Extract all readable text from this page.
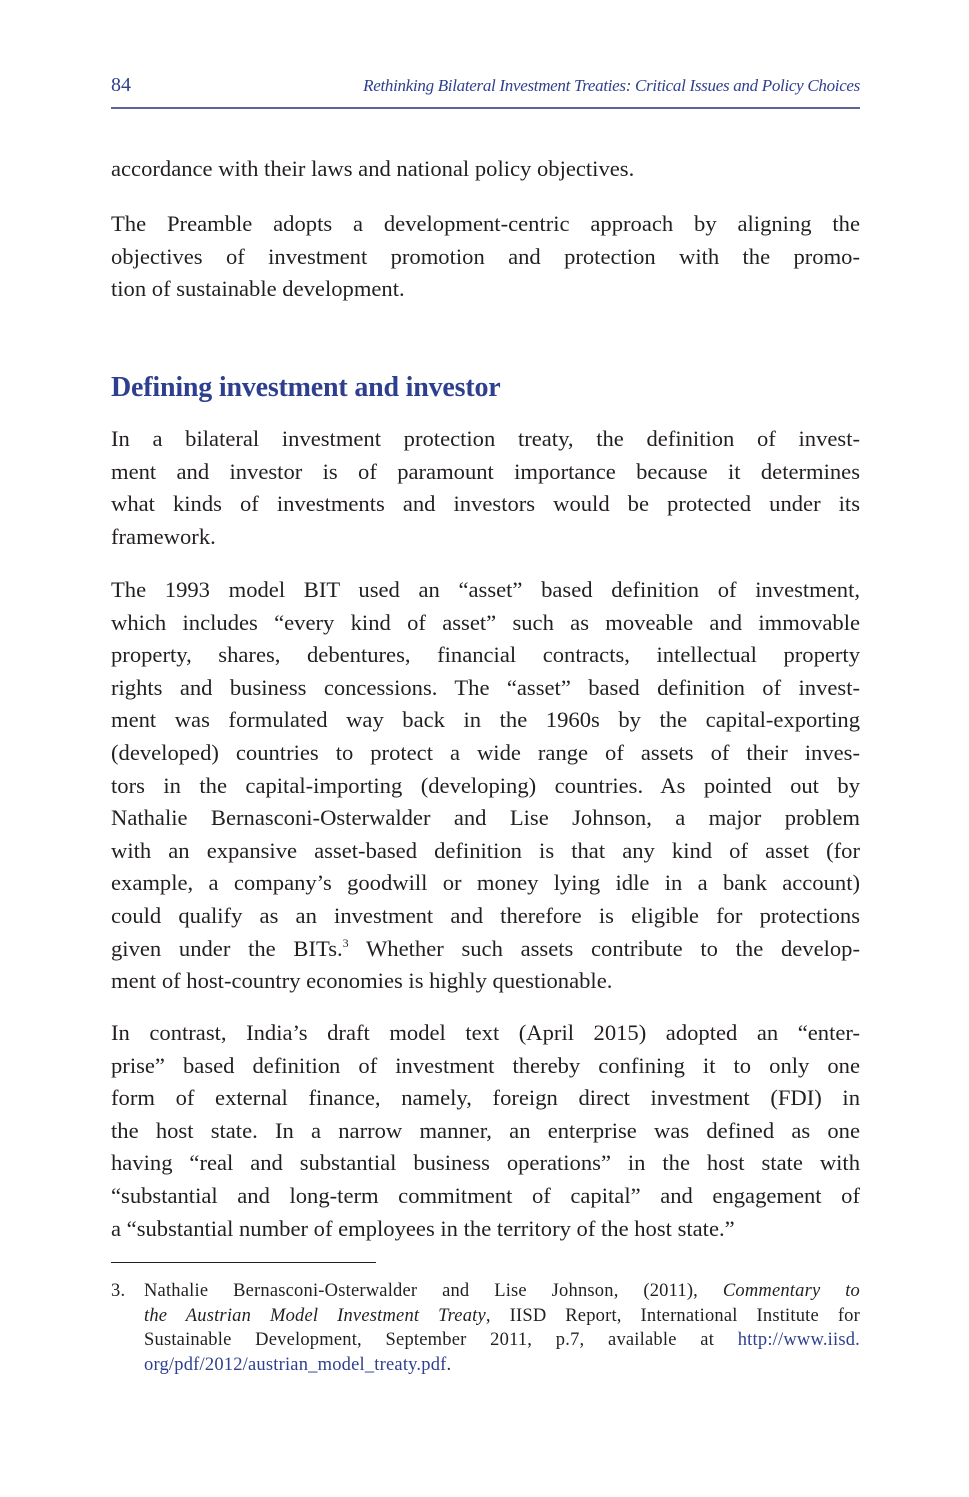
84	Rethinking Bilateral Investment Treaties: Critical Issues and Policy Choices
accordance with their laws and national policy objectives.
The Preamble adopts a development-centric approach by aligning the
objectives of investment promotion and protection with the promo-
tion of sustainable development.
Defining investment and investor
In a bilateral investment protection treaty, the definition of invest-
ment and investor is of paramount importance because it determines
what kinds of investments and investors would be protected under its
framework.
The 1993 model BIT used an “asset” based definition of investment,
which includes “every kind of asset” such as moveable and immovable
property, shares, debentures, financial contracts, intellectual property
rights and business concessions. The “asset” based definition of invest-
ment was formulated way back in the 1960s by the capital-exporting
(developed) countries to protect a wide range of assets of their inves-
tors in the capital-importing (developing) countries. As pointed out by
Nathalie Bernasconi-Osterwalder and Lise Johnson, a major problem
with an expansive asset-based definition is that any kind of asset (for
example, a company’s goodwill or money lying idle in a bank account)
could qualify as an investment and therefore is eligible for protections
given under the BITs.$^3$ Whether such assets contribute to the develop-
ment of host-country economies is highly questionable.
In contrast, India’s draft model text (April 2015) adopted an “enter-
prise” based definition of investment thereby confining it to only one
form of external finance, namely, foreign direct investment (FDI) in
the host state. In a narrow manner, an enterprise was defined as one
having “real and substantial business operations” in the host state with
“substantial and long-term commitment of capital” and engagement of
a “substantial number of employees in the territory of the host state.”
3. Nathalie Bernasconi-Osterwalder and Lise Johnson, (2011), Commentary to
the Austrian Model Investment Treaty, IISD Report, International Institute for
Sustainable Development, September 2011, p.7, available at http://www.iisd.
org/pdf/2012/austrian_model_treaty.pdf.
